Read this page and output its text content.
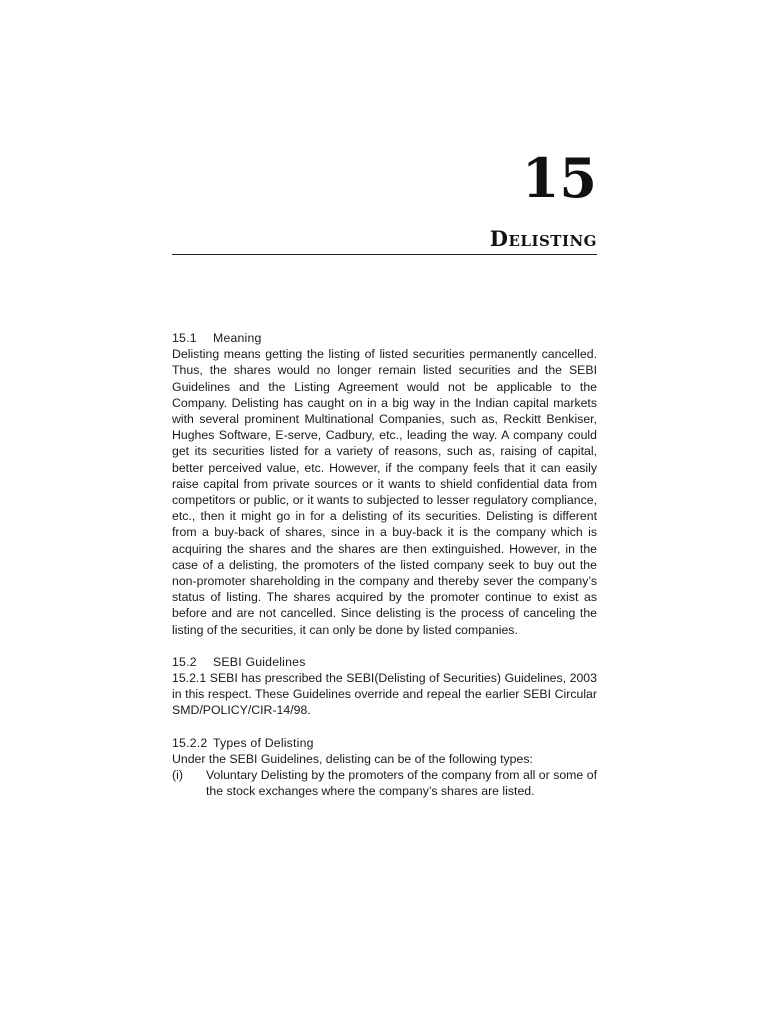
15
Delisting
15.1 Meaning

Delisting means getting the listing of listed securities permanently cancelled. Thus, the shares would no longer remain listed securities and the SEBI Guidelines and the Listing Agreement would not be applicable to the Company. Delisting has caught on in a big way in the Indian capital markets with several prominent Multinational Companies, such as, Reckitt Benkiser, Hughes Software, E-serve, Cadbury, etc., leading the way. A company could get its securities listed for a variety of reasons, such as, raising of capital, better perceived value, etc. However, if the company feels that it can easily raise capital from private sources or it wants to shield confidential data from competitors or public, or it wants to subjected to lesser regulatory compliance, etc., then it might go in for a delisting of its securities. Delisting is different from a buy-back of shares, since in a buy-back it is the company which is acquiring the shares and the shares are then extinguished. However, in the case of a delisting, the promoters of the listed company seek to buy out the non-promoter shareholding in the company and thereby sever the company’s status of listing. The shares acquired by the promoter continue to exist as before and are not cancelled. Since delisting is the process of canceling the listing of the securities, it can only be done by listed companies.

15.2 SEBI Guidelines

15.2.1 SEBI has prescribed the SEBI(Delisting of Securities) Guidelines, 2003 in this respect. These Guidelines override and repeal the earlier SEBI Circular SMD/POLICY/CIR-14/98.

15.2.2 Types of Delisting

Under the SEBI Guidelines, delisting can be of the following types:

(i)	Voluntary Delisting by the promoters of the company from all or some of the stock exchanges where the company’s shares are listed.
